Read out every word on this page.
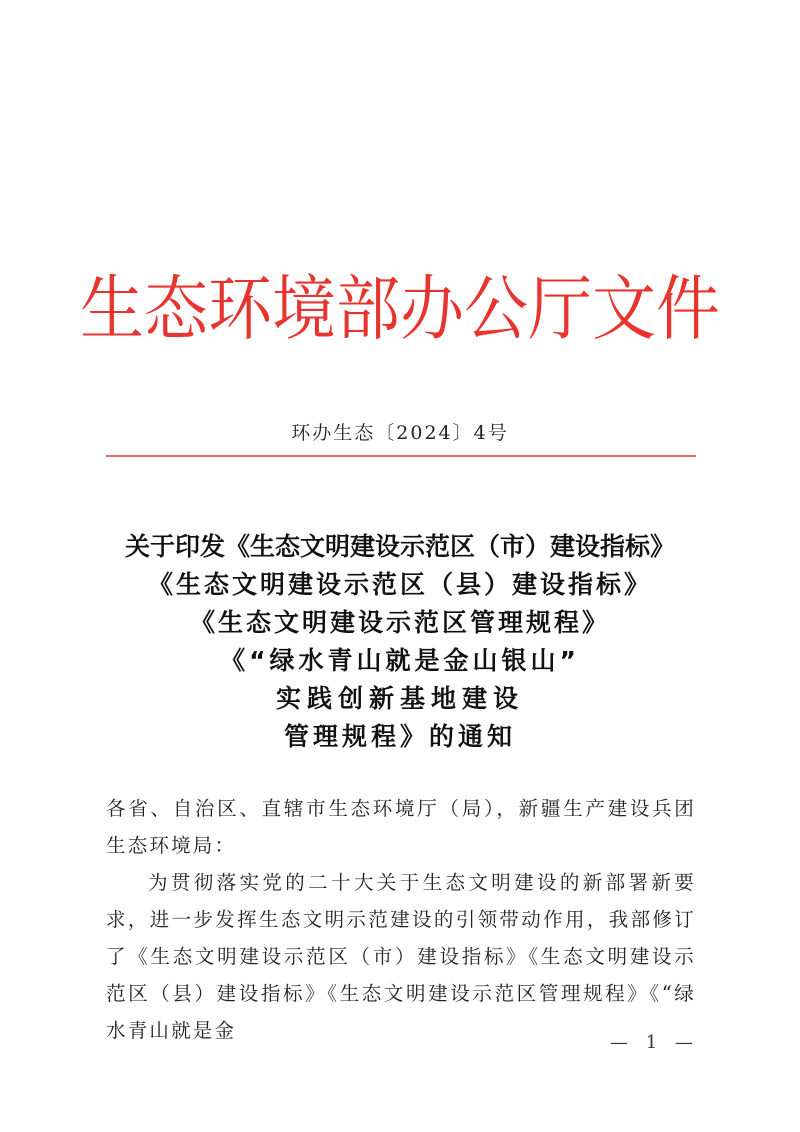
生态环境部办公厅文件
环办生态〔2024〕4号
关于印发《生态文明建设示范区（市）建设指标》
《生态文明建设示范区（县）建设指标》
《生态文明建设示范区管理规程》
《“绿水青山就是金山银山”
实践创新基地建设
管理规程》的通知

各省、自治区、直辖市生态环境厅（局），新疆生产建设兵团生态环境局：

为贯彻落实党的二十大关于生态文明建设的新部署新要求，进一步发挥生态文明示范建设的引领带动作用，我部修订了《生态文明建设示范区（市）建设指标》《生态文明建设示范区（县）建设指标》《生态文明建设示范区管理规程》《“绿水青山就是金

— 1 —
